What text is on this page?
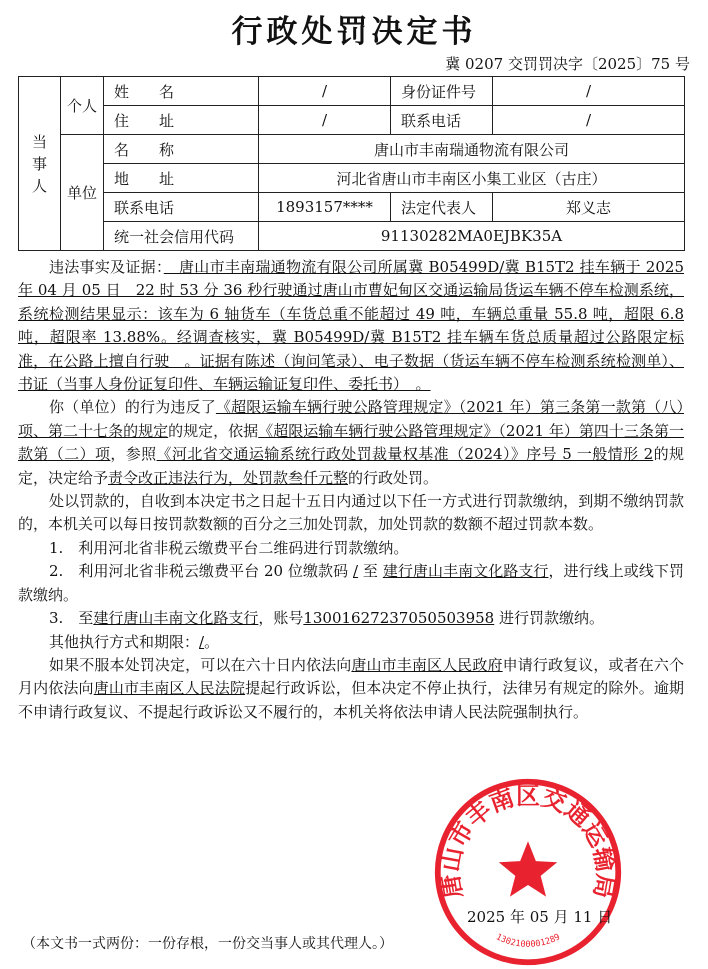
行政处罚决定书
冀 0207 交罚罚决字〔2025〕75 号
当事人	个人	姓　　名	/	身份证件号	/
		住　　址	/	联系电话	/
	单位	名　　称	唐山市丰南瑞通物流有限公司		
		地　　址	河北省唐山市丰南区小集工业区（古庄）		
		联系电话	1893157****	法定代表人	郑义志
		统一社会信用代码	91130282MA0EJBK35A		

违法事实及证据：　唐山市丰南瑞通物流有限公司所属冀 B05499D/冀 B15T2 挂车辆于 2025 年 04 月 05 日　22 时 53 分 36 秒行驶通过唐山市曹妃甸区交通运输局货运车辆不停车检测系统，系统检测结果显示：该车为 6 轴货车（车货总重不能超过 49 吨，车辆总重量 55.8 吨，超限 6.8 吨，超限率 13.88%。经调查核实，冀 B05499D/冀 B15T2 挂车辆车货总质量超过公路限定标准，在公路上擅自行驶　。证据有陈述（询问笔录）、电子数据（货运车辆不停车检测系统检测单）、书证（当事人身份证复印件、车辆运输证复印件、委托书）　。

你（单位）的行为违反了《超限运输车辆行驶公路管理规定》（2021 年）第三条第一款第（八）项、第二十七条的规定的规定，依据《超限运输车辆行驶公路管理规定》（2021 年）第四十三条第一款第（二）项，参照《河北省交通运输系统行政处罚裁量权基准（2024）》序号 5 一般情形 2的规定，决定给予责令改正违法行为，处罚款叁仟元整的行政处罚。

处以罚款的，自收到本决定书之日起十五日内通过以下任一方式进行罚款缴纳，到期不缴纳罚款的，本机关可以每日按罚款数额的百分之三加处罚款，加处罚款的数额不超过罚款本数。

1.　利用河北省非税云缴费平台二维码进行罚款缴纳。

2.　利用河北省非税云缴费平台 20 位缴款码 / 至 建行唐山丰南文化路支行，进行线上或线下罚款缴纳。

3.　至建行唐山丰南文化路支行，账号13001627237050503958 进行罚款缴纳。

其他执行方式和期限：/。

如果不服本处罚决定，可以在六十日内依法向唐山市丰南区人民政府申请行政复议，或者在六个月内依法向唐山市丰南区人民法院提起行政诉讼，但本决定不停止执行，法律另有规定的除外。逾期不申请行政复议、不提起行政诉讼又不履行的，本机关将依法申请人民法院强制执行。

唐山市丰南区交通运输局
1302100001289
2025 年 05 月 11 日
（本文书一式两份：一份存根，一份交当事人或其代理人。）
